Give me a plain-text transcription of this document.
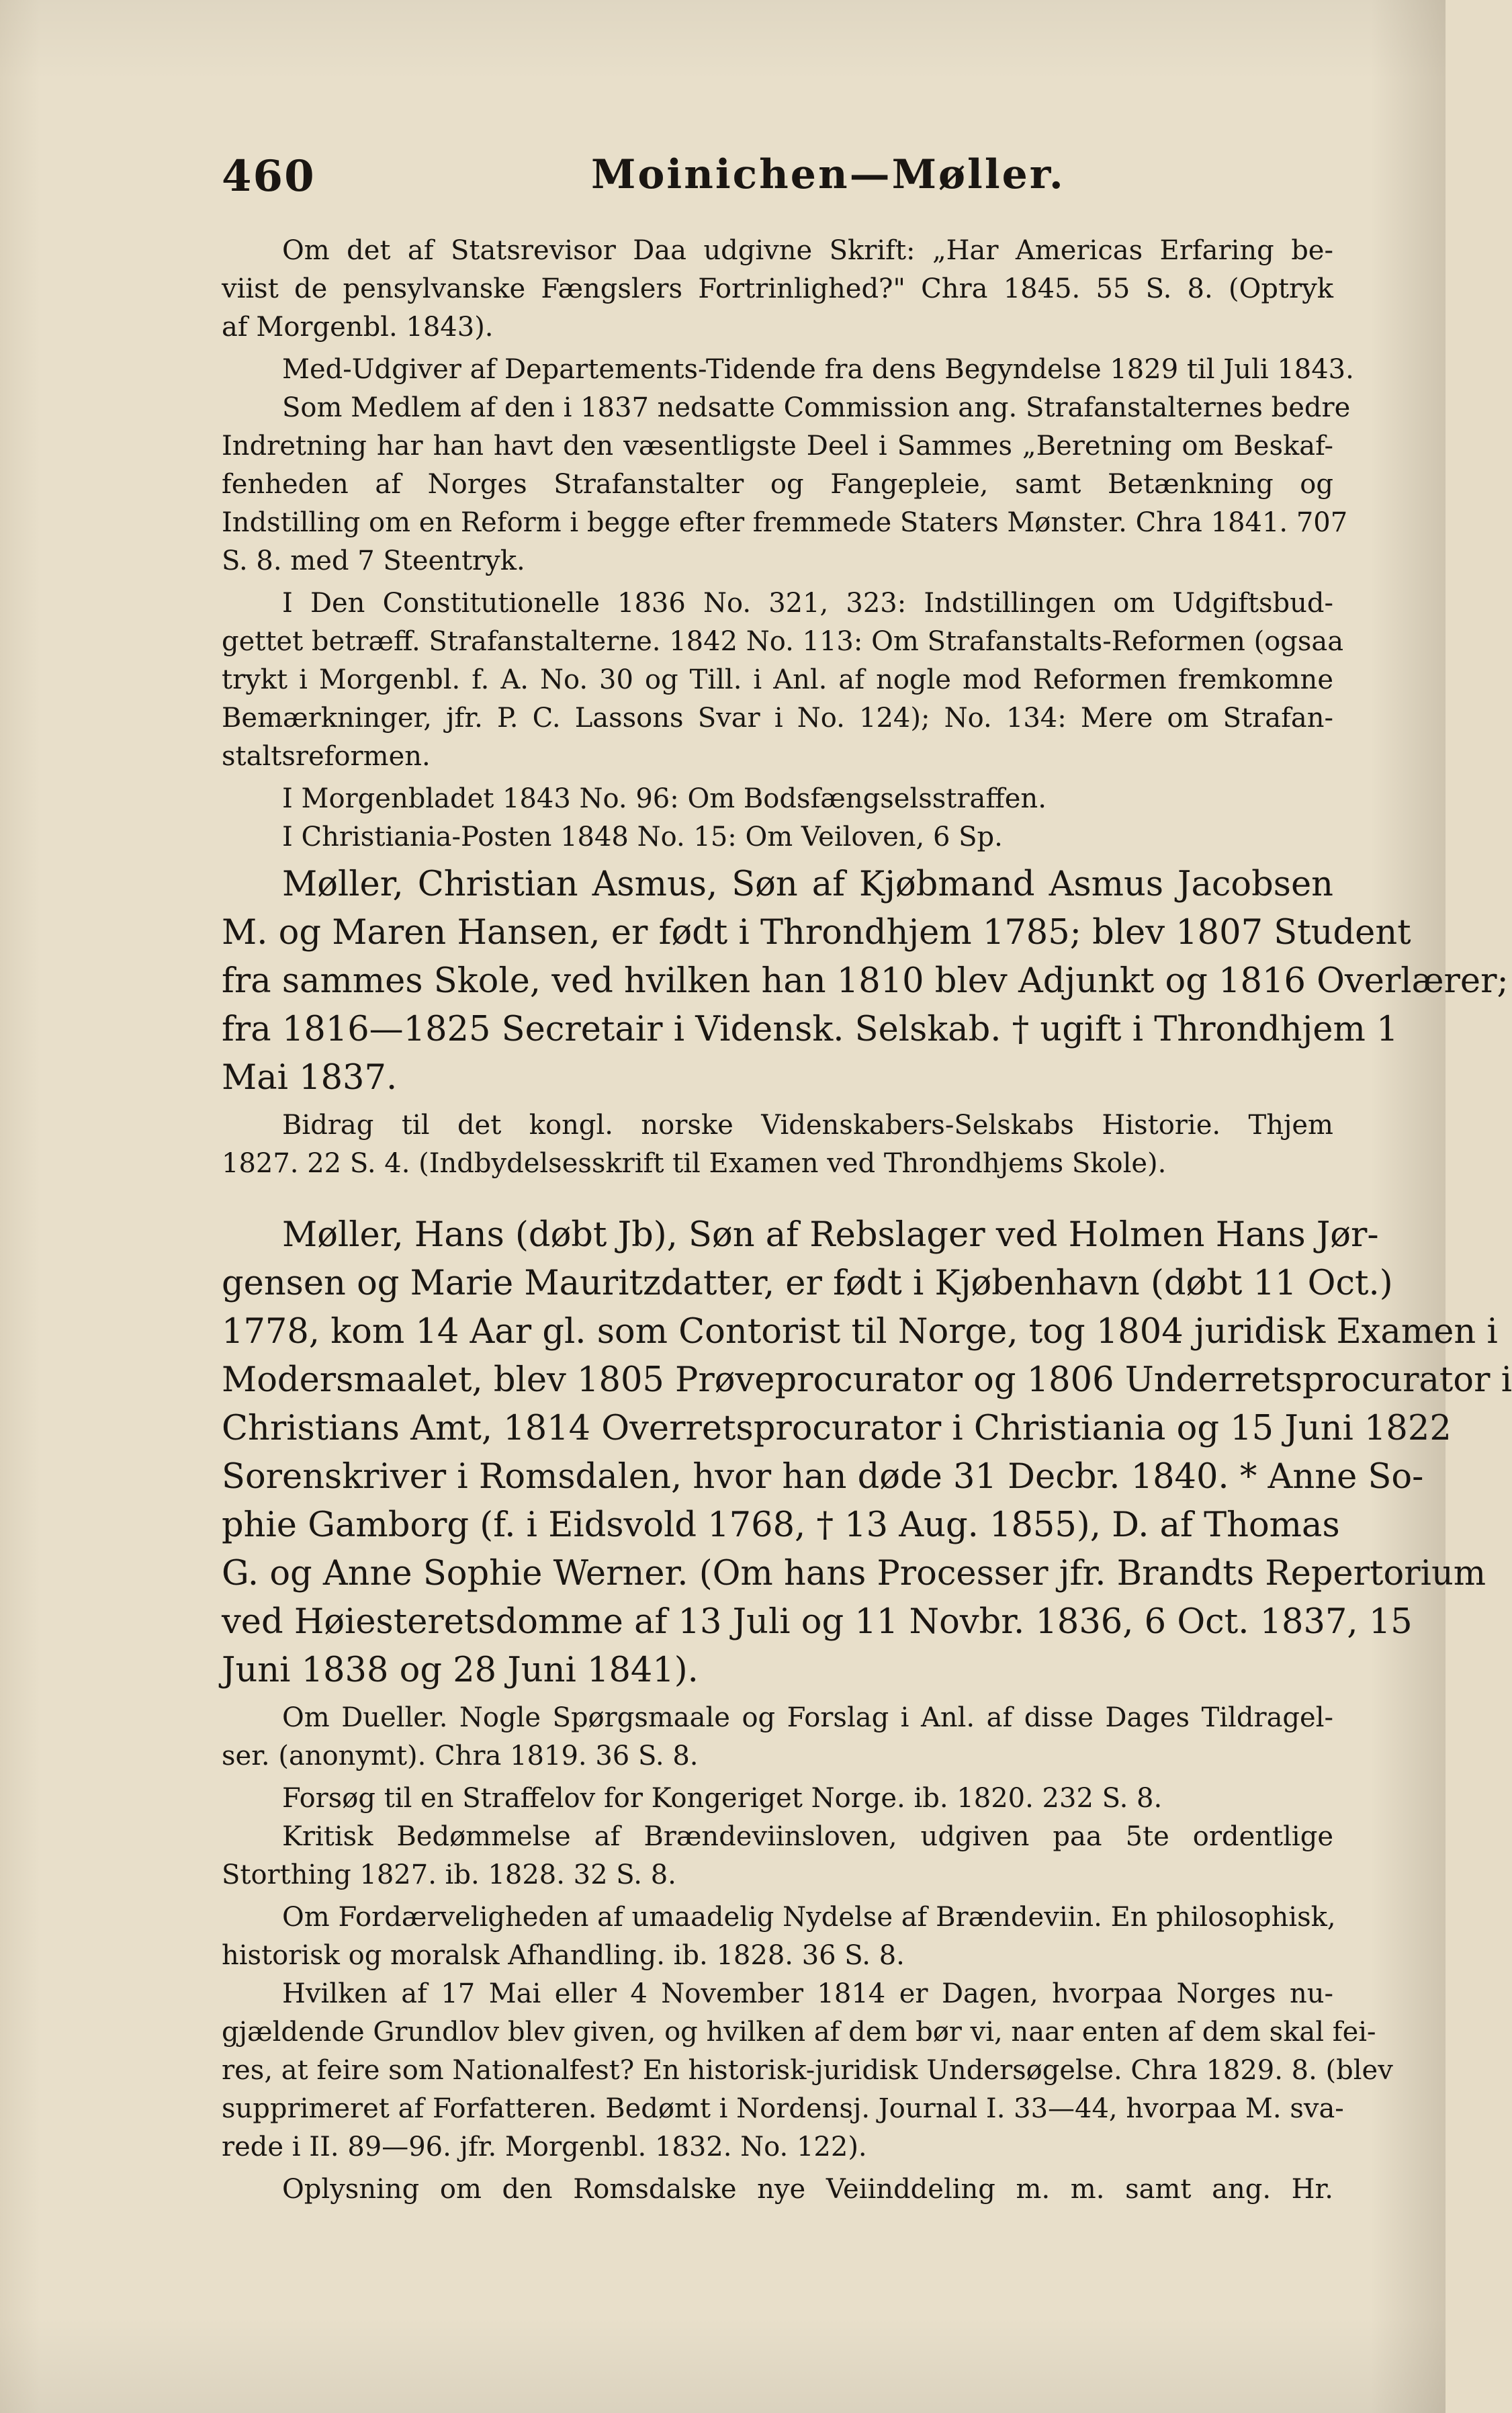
460	Moinichen—Møller.
Om det af Statsrevisor Daa udgivne Skrift: „Har Americas Erfaring be-
viist de pensylvanske Fængslers Fortrinlighed?" Chra 1845. 55 S. 8. (Optryk
af Morgenbl. 1843).
Med-Udgiver af Departements-Tidende fra dens Begyndelse 1829 til Juli 1843.
Som Medlem af den i 1837 nedsatte Commission ang. Strafanstalternes bedre
Indretning har han havt den væsentligste Deel i Sammes „Beretning om Beskaf-
fenheden af Norges Strafanstalter og Fangepleie, samt Betænkning og
Indstilling om en Reform i begge efter fremmede Staters Mønster. Chra 1841. 707
S. 8. med 7 Steentryk.
I Den Constitutionelle 1836 No. 321, 323: Indstillingen om Udgiftsbud-
gettet betræff. Strafanstalterne. 1842 No. 113: Om Strafanstalts-Reformen (ogsaa
trykt i Morgenbl. f. A. No. 30 og Till. i Anl. af nogle mod Reformen fremkomne
Bemærkninger, jfr. P. C. Lassons Svar i No. 124); No. 134: Mere om Strafan-
staltsreformen.
I Morgenbladet 1843 No. 96: Om Bodsfængselsstraffen.
I Christiania-Posten 1848 No. 15: Om Veiloven, 6 Sp.
Møller, Christian Asmus, Søn af Kjøbmand Asmus Jacobsen
M. og Maren Hansen, er født i Throndhjem 1785; blev 1807 Student
fra sammes Skole, ved hvilken han 1810 blev Adjunkt og 1816 Overlærer;
fra 1816—1825 Secretair i Vidensk. Selskab. † ugift i Throndhjem 1
Mai 1837.
Bidrag til det kongl. norske Videnskabers-Selskabs Historie. Thjem
1827. 22 S. 4. (Indbydelsesskrift til Examen ved Throndhjems Skole).
Møller, Hans (døbt Jb), Søn af Rebslager ved Holmen Hans Jør-
gensen og Marie Mauritzdatter, er født i Kjøbenhavn (døbt 11 Oct.)
1778, kom 14 Aar gl. som Contorist til Norge, tog 1804 juridisk Examen i
Modersmaalet, blev 1805 Prøveprocurator og 1806 Underretsprocurator i
Christians Amt, 1814 Overretsprocurator i Christiania og 15 Juni 1822
Sorenskriver i Romsdalen, hvor han døde 31 Decbr. 1840. * Anne So-
phie Gamborg (f. i Eidsvold 1768, † 13 Aug. 1855), D. af Thomas
G. og Anne Sophie Werner. (Om hans Processer jfr. Brandts Repertorium
ved Høiesteretsdomme af 13 Juli og 11 Novbr. 1836, 6 Oct. 1837, 15
Juni 1838 og 28 Juni 1841).
Om Dueller. Nogle Spørgsmaale og Forslag i Anl. af disse Dages Tildragel-
ser. (anonymt). Chra 1819. 36 S. 8.
Forsøg til en Straffelov for Kongeriget Norge. ib. 1820. 232 S. 8.
Kritisk Bedømmelse af Brændeviinsloven, udgiven paa 5te ordentlige
Storthing 1827. ib. 1828. 32 S. 8.
Om Fordærveligheden af umaadelig Nydelse af Brændeviin. En philosophisk,
historisk og moralsk Afhandling. ib. 1828. 36 S. 8.
Hvilken af 17 Mai eller 4 November 1814 er Dagen, hvorpaa Norges nu-
gjældende Grundlov blev given, og hvilken af dem bør vi, naar enten af dem skal fei-
res, at feire som Nationalfest? En historisk-juridisk Undersøgelse. Chra 1829. 8. (blev
supprimeret af Forfatteren. Bedømt i Nordensj. Journal I. 33—44, hvorpaa M. sva-
rede i II. 89—96. jfr. Morgenbl. 1832. No. 122).
Oplysning om den Romsdalske nye Veiinddeling m. m. samt ang. Hr.
